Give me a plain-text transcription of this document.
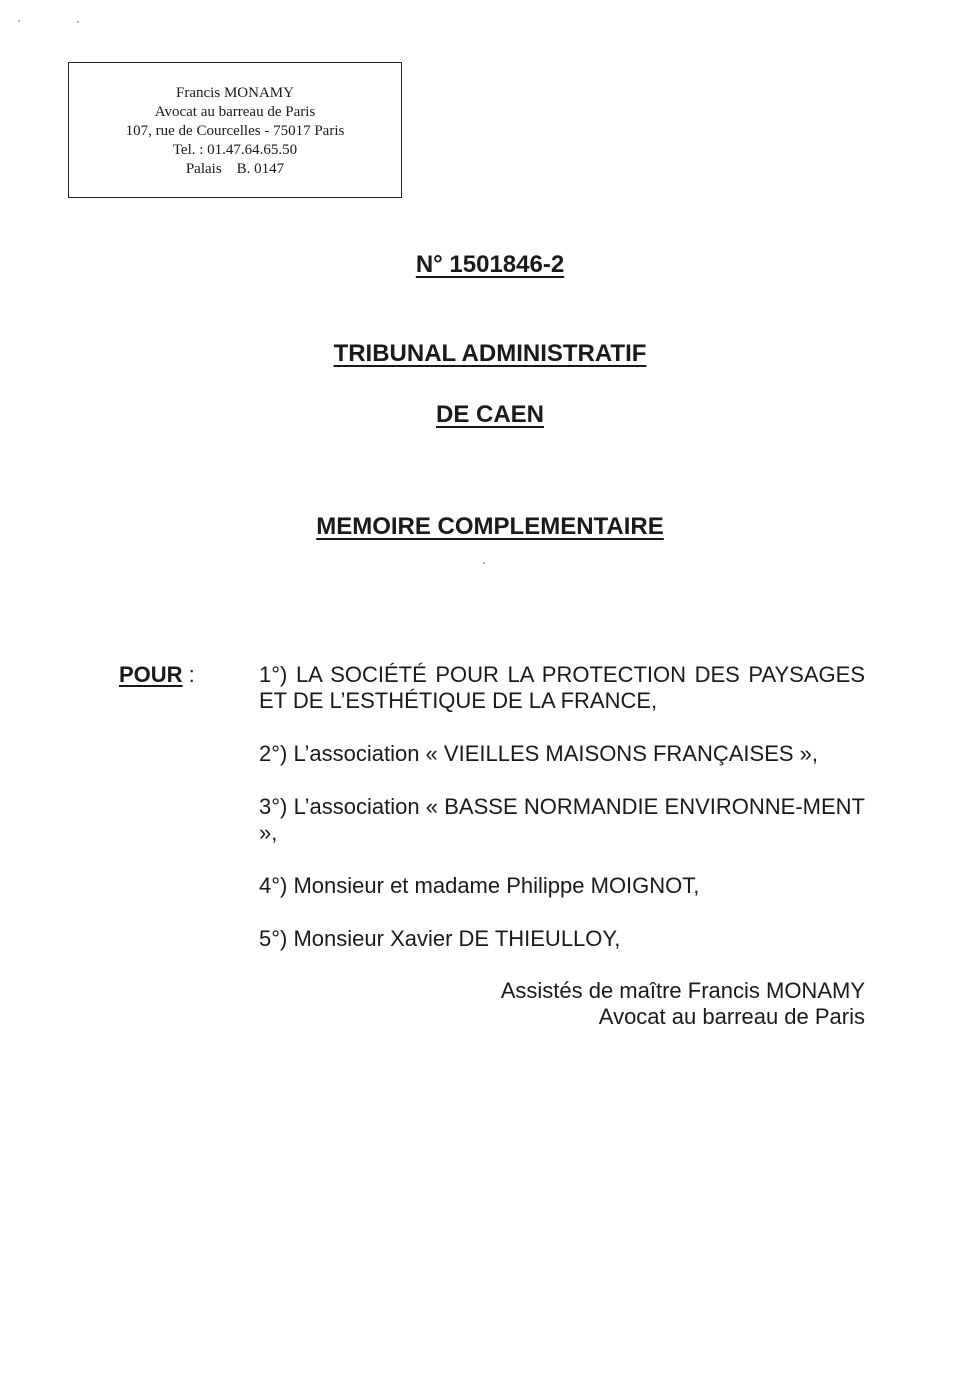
Francis MONAMY
Avocat au barreau de Paris
107, rue de Courcelles - 75017 Paris
Tel. : 01.47.64.65.50
Palais    B. 0147
N° 1501846-2
TRIBUNAL ADMINISTRATIF
DE CAEN
MEMOIRE COMPLEMENTAIRE
POUR :	1°) LA SOCIÉTÉ POUR LA PROTECTION DES PAYSAGES ET DE L’ESTHÉTIQUE DE LA FRANCE,
2°) L’association « VIEILLES MAISONS FRANÇAISES »,
3°) L’association « BASSE NORMANDIE ENVIRONNE-MENT »,
4°) Monsieur et madame Philippe MOIGNOT,
5°) Monsieur Xavier DE THIEULLOY,
Assistés de maître Francis MONAMY
Avocat au barreau de Paris
